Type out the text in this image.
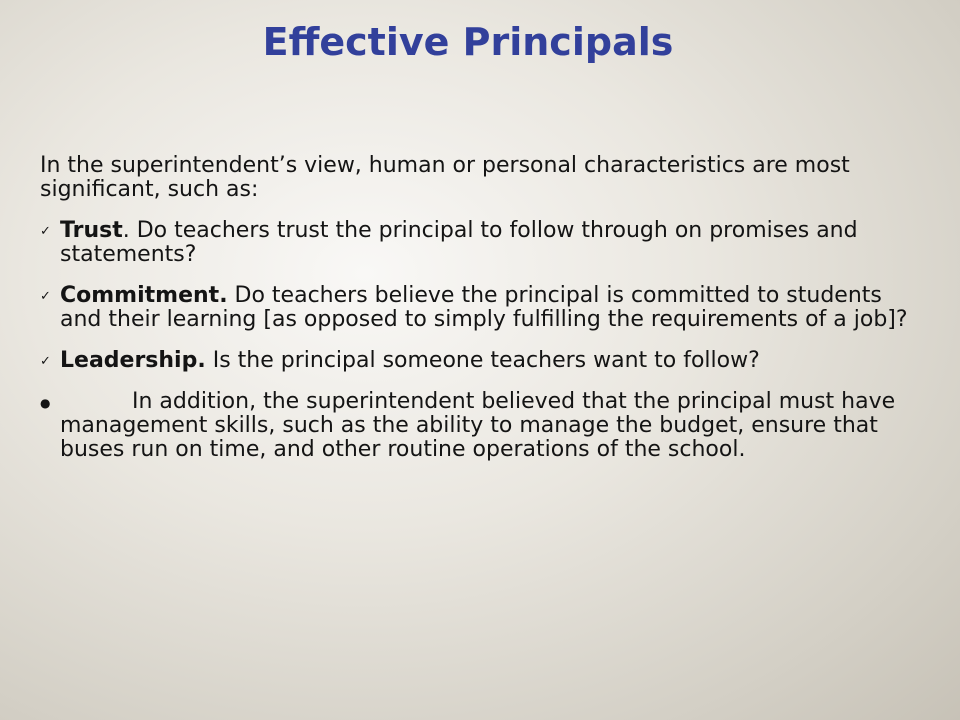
Effective Principals

In the superintendent’s view, human or personal characteristics are most significant, such as:

✓ Trust. Do teachers trust the principal to follow through on promises and statements?
✓ Commitment. Do teachers believe the principal is committed to students and their learning [as opposed to simply fulfilling the requirements of a job]?
✓ Leadership. Is the principal someone teachers want to follow?
●	In addition, the superintendent believed that the principal must have management skills, such as the ability to manage the budget, ensure that buses run on time, and other routine operations of the school.
